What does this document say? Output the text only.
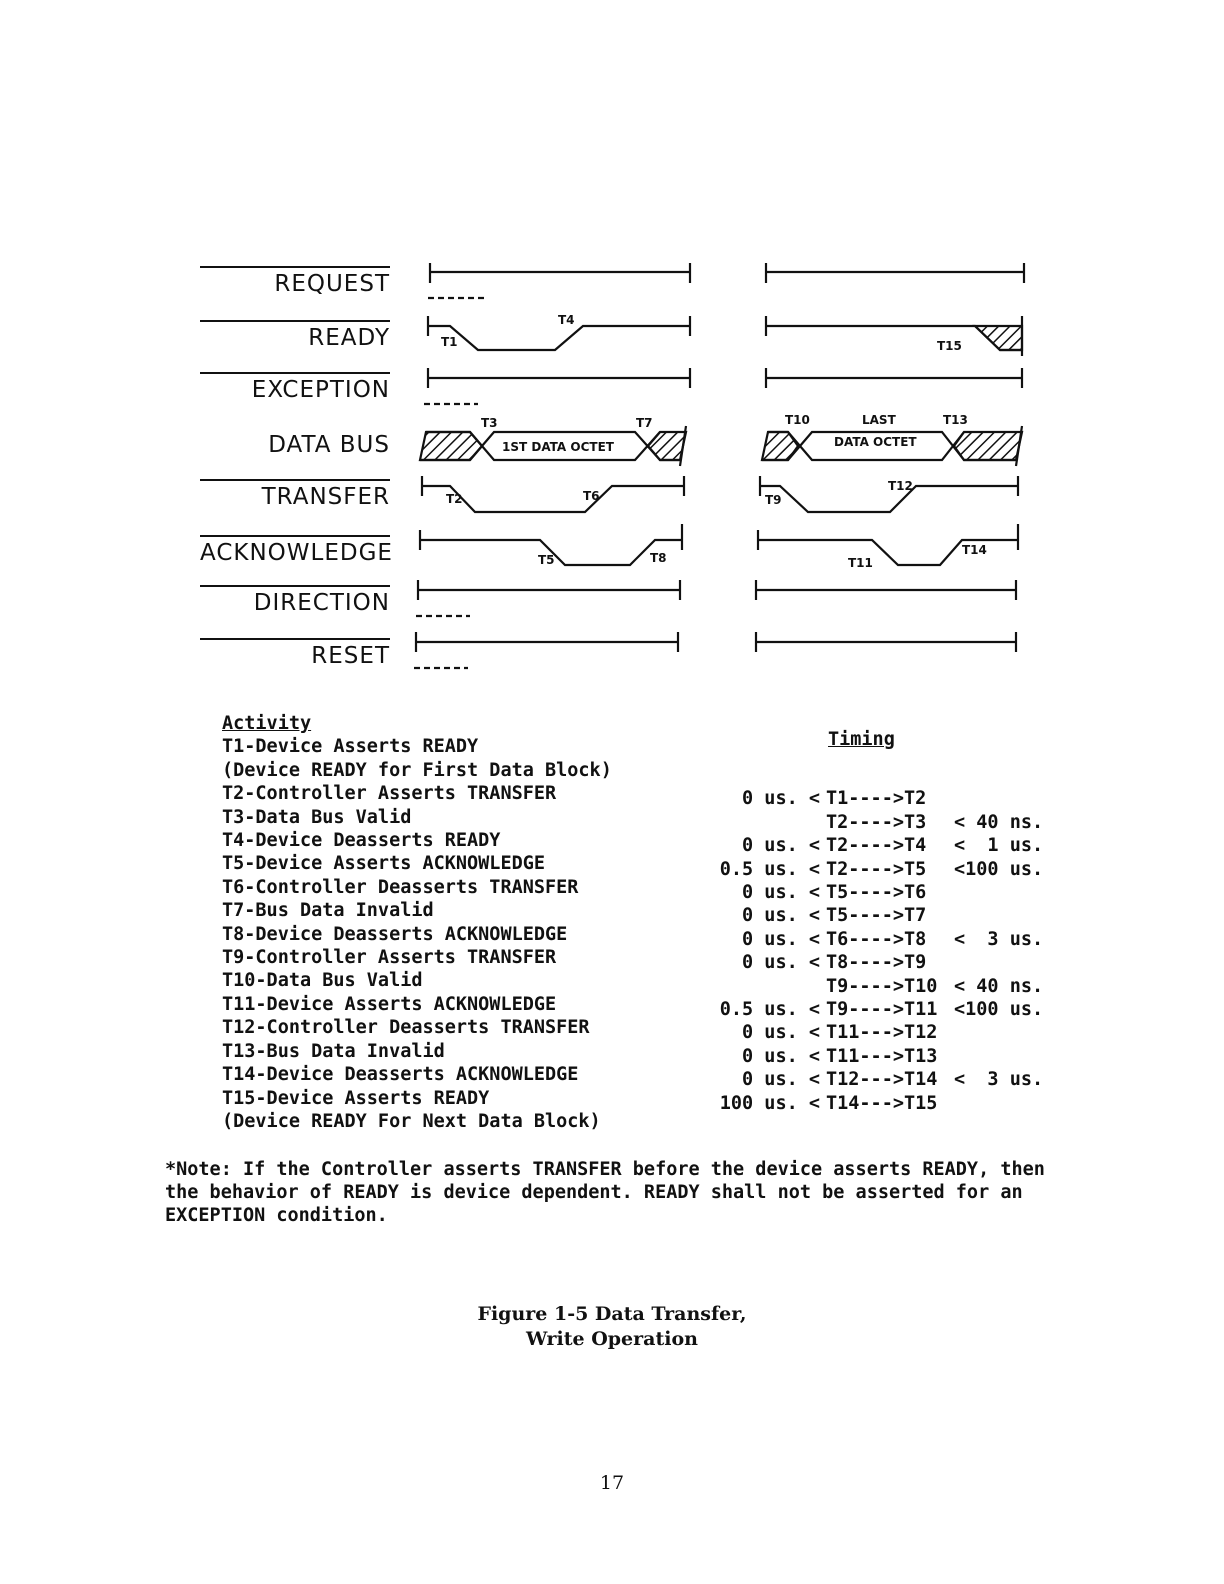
REQUEST
READY
EXCEPTION
DATA BUS
TRANSFER
ACKNOWLEDGE
DIRECTION
RESET
T1
T4
T15
T3	T7	T10	T13
T2	T6	T9
T12
T5	T8	T11
T14
1ST DATA OCTET
LAST
DATA OCTET
Activity
T1-Device Asserts READY
(Device READY for First Data Block)
T2-Controller Asserts TRANSFER
T3-Data Bus Valid
T4-Device Deasserts READY
T5-Device Asserts ACKNOWLEDGE
T6-Controller Deasserts TRANSFER
T7-Bus Data Invalid
T8-Device Deasserts ACKNOWLEDGE
T9-Controller Asserts TRANSFER
T10-Data Bus Valid
T11-Device Asserts ACKNOWLEDGE
T12-Controller Deasserts TRANSFER
T13-Bus Data Invalid
T14-Device Deasserts ACKNOWLEDGE
T15-Device Asserts READY
(Device READY For Next Data Block)
Timing
0 us. < T1---->T2
T2---->T3	< 40 ns.
0 us. < T2---->T4	<  1 us.
0.5 us. < T2---->T5	<100 us.
0 us. < T5---->T6
0 us. < T5---->T7
0 us. < T6---->T8	<  3 us.
0 us. < T8---->T9
T9---->T10 < 40 ns.
0.5 us. < T9---->T11 <100 us.
0 us. < T11--->T12
0 us. < T11--->T13
0 us. < T12--->T14 <  3 us.
100 us. < T14--->T15
*Note: If the Controller asserts TRANSFER before the device asserts READY, then the behavior of READY is device dependent. READY shall not be asserted for an EXCEPTION condition.
Figure 1-5 Data Transfer,
Write Operation
17
